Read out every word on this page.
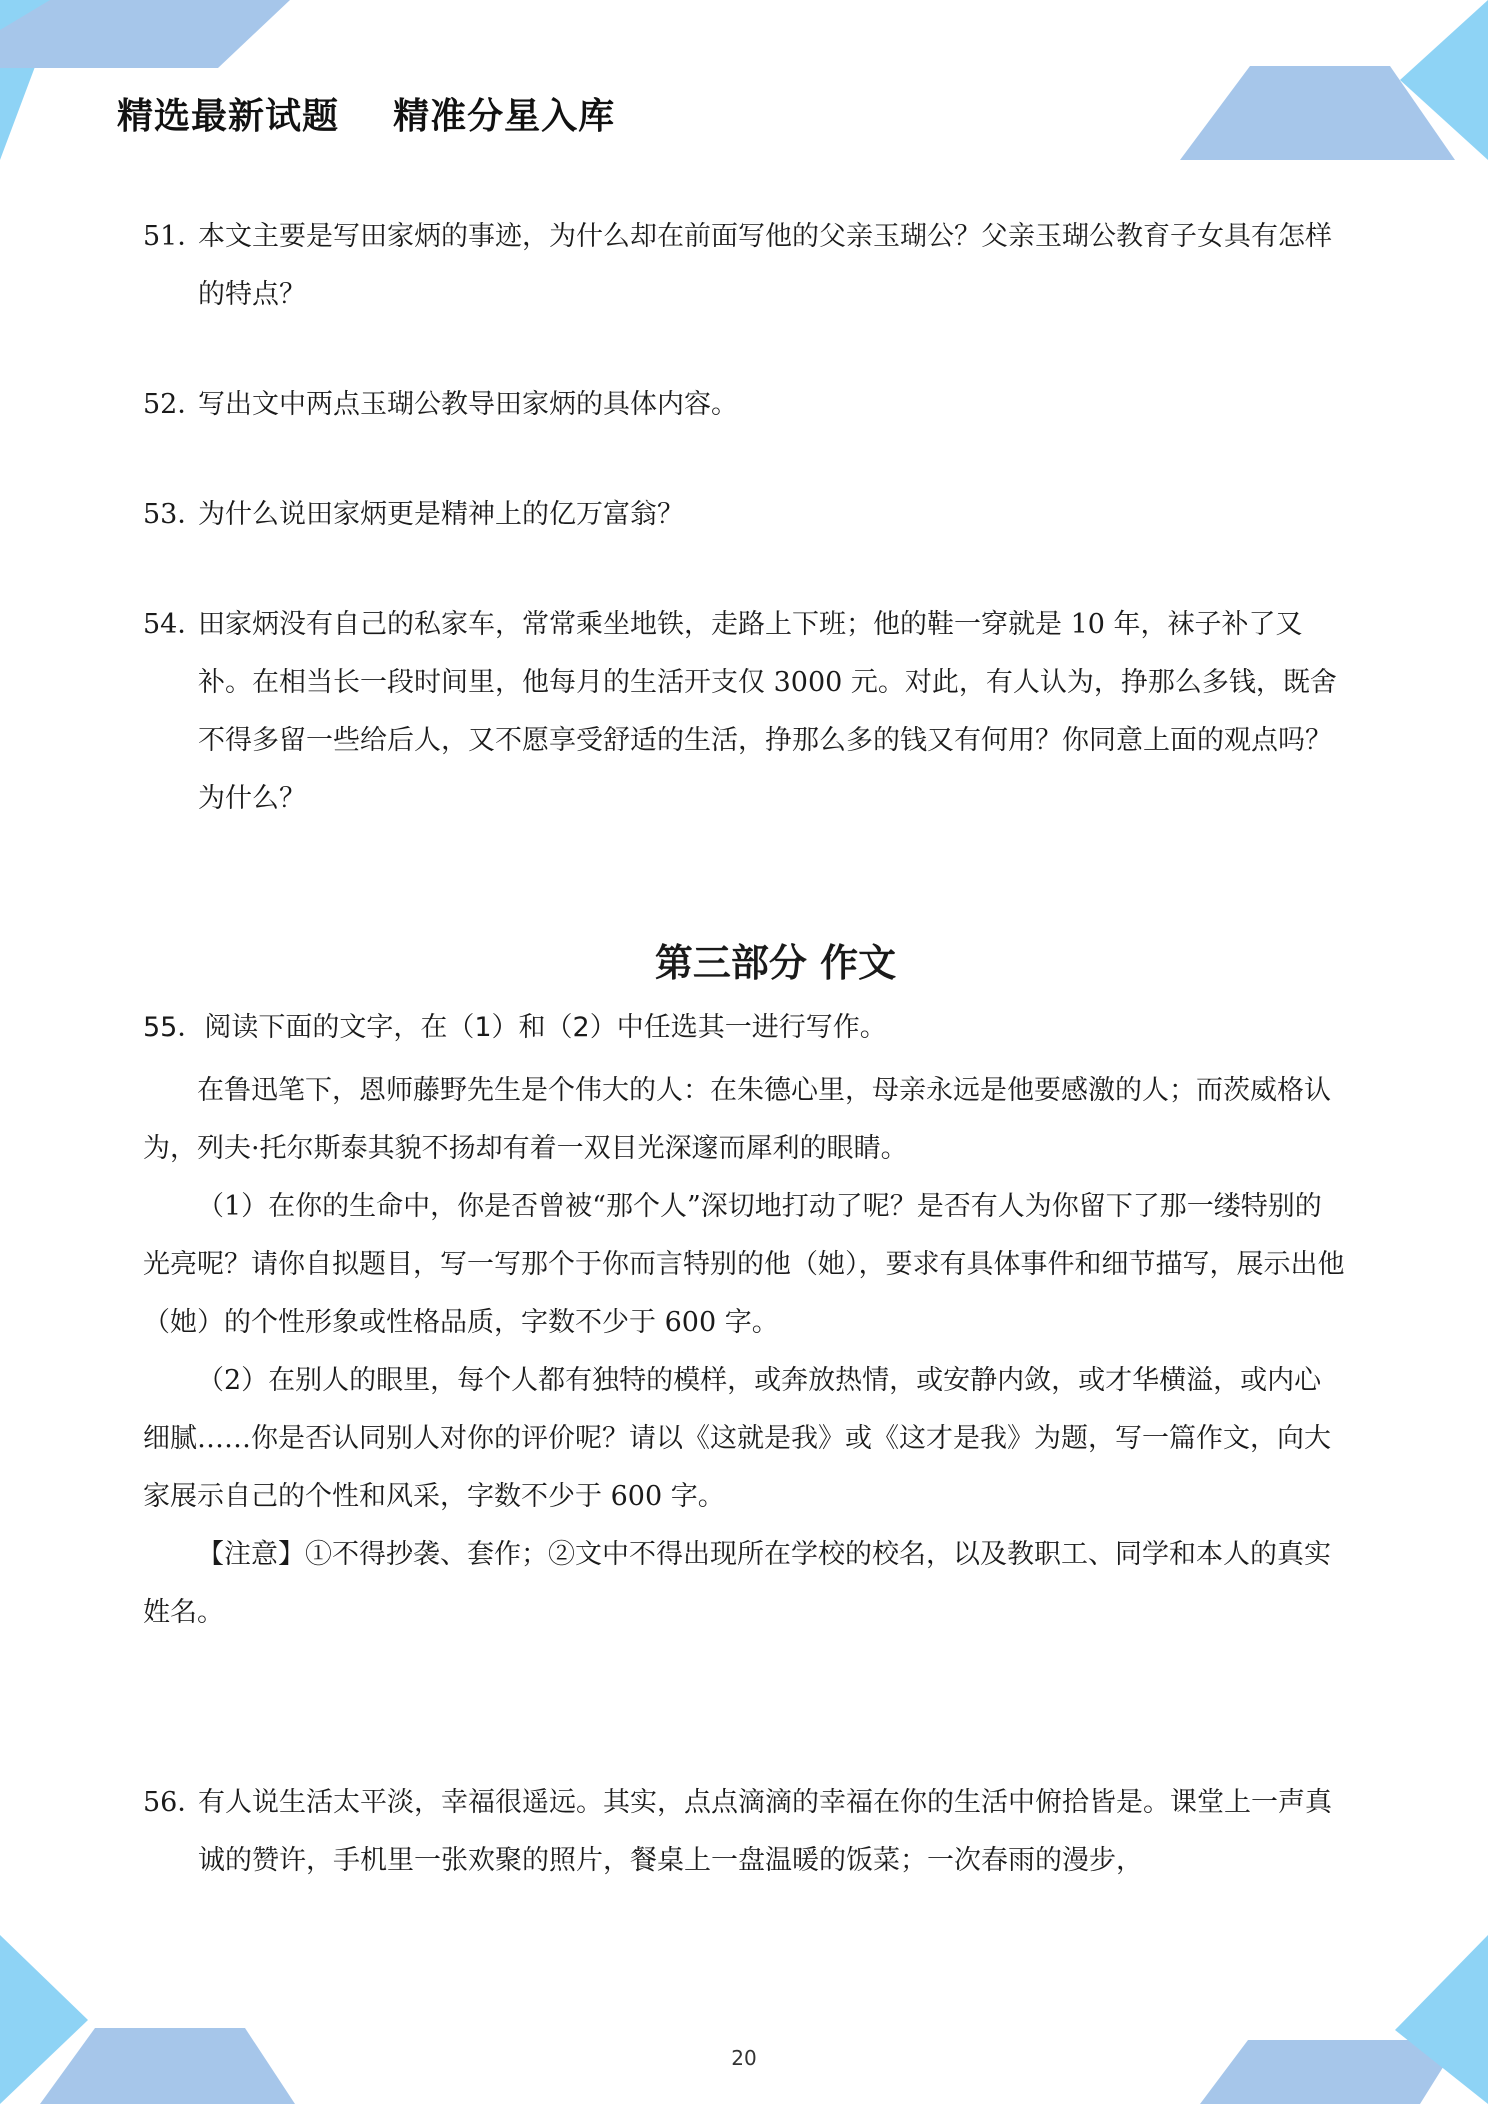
精选最新试题    精准分星入库
51．
本文主要是写田家炳的事迹，为什么却在前面写他的父亲玉瑚公？父亲玉瑚公教育子女具有怎样的特点？
52．
写出文中两点玉瑚公教导田家炳的具体内容。
53．
为什么说田家炳更是精神上的亿万富翁？
54．
田家炳没有自己的私家车，常常乘坐地铁，走路上下班；他的鞋一穿就是 10 年，袜子补了又补。在相当长一段时间里，他每月的生活开支仅 3000 元。对此，有人认为，挣那么多钱，既舍不得多留一些给后人，又不愿享受舒适的生活，挣那么多的钱又有何用？你同意上面的观点吗？为什么？
第三部分 作文
55．阅读下面的文字，在（1）和（2）中任选其一进行写作。

在鲁迅笔下，恩师藤野先生是个伟大的人：在朱德心里，母亲永远是他要感激的人；而茨威格认为，列夫·托尔斯泰其貌不扬却有着一双目光深邃而犀利的眼睛。

（1）在你的生命中，你是否曾被“那个人”深切地打动了呢？是否有人为你留下了那一缕特别的光亮呢？请你自拟题目，写一写那个于你而言特别的他（她），要求有具体事件和细节描写，展示出他（她）的个性形象或性格品质，字数不少于 600 字。

（2）在别人的眼里，每个人都有独特的模样，或奔放热情，或安静内敛，或才华横溢，或内心细腻……你是否认同别人对你的评价呢？请以《这就是我》或《这才是我》为题，写一篇作文，向大家展示自己的个性和风采，字数不少于 600 字。

【注意】①不得抄袭、套作；②文中不得出现所在学校的校名，以及教职工、同学和本人的真实姓名。

56．
有人说生活太平淡，幸福很遥远。其实，点点滴滴的幸福在你的生活中俯拾皆是。课堂上一声真诚的赞许，手机里一张欢聚的照片，餐桌上一盘温暖的饭菜；一次春雨的漫步，
20
